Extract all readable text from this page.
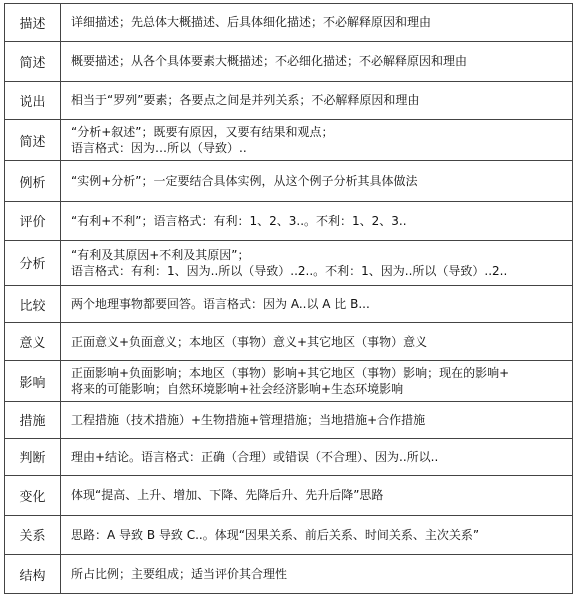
描述	详细描述；先总体大概描述、后具体细化描述；不必解释原因和理由

简述	概要描述；从各个具体要素大概描述；不必细化描述；不必解释原因和理由

说出	相当于“罗列”要素；各要点之间是并列关系；不必解释原因和理由

简述	“分析+叙述”；既要有原因，又要有结果和观点；
语言格式：因为…所以（导致）..

例析	“实例+分析”；一定要结合具体实例，从这个例子分析其具体做法

评价	“有利+不利”；语言格式：有利：1、2、3..。不利：1、2、3..

分析	“有利及其原因+不利及其原因”；
语言格式：有利：1、因为..所以（导致）..2..。不利：1、因为..所以（导致）..2..

比较	两个地理事物都要回答。语言格式：因为 A..以 A 比 B...

意义	正面意义+负面意义；本地区（事物）意义+其它地区（事物）意义

影响	正面影响+负面影响；本地区（事物）影响+其它地区（事物）影响；现在的影响+
将来的可能影响；自然环境影响+社会经济影响+生态环境影响

措施	工程措施（技术措施）+生物措施+管理措施；当地措施+合作措施

判断	理由+结论。语言格式：正确（合理）或错误（不合理）、因为..所以..

变化	体现“提高、上升、增加、下降、先降后升、先升后降”思路

关系	思路：A 导致 B 导致 C..。体现“因果关系、前后关系、时间关系、主次关系”

结构	所占比例；主要组成；适当评价其合理性
